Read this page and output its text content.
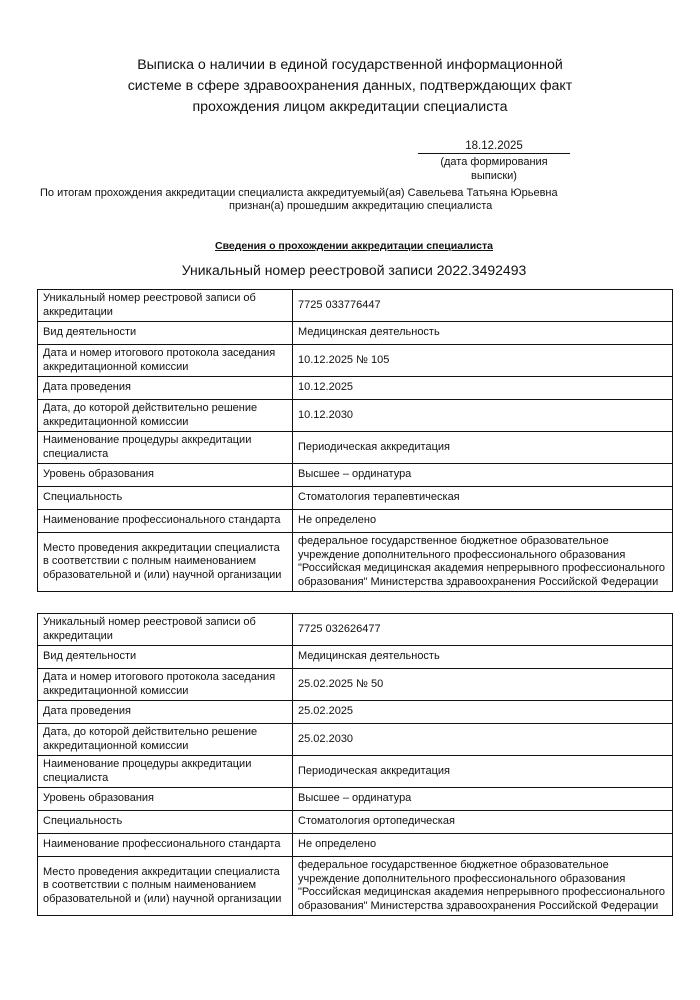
Выписка о наличии в единой государственной информационной
системе в сфере здравоохранения данных, подтверждающих факт
прохождения лицом аккредитации специалиста
18.12.2025
(дата формирования выписки)
По итогам прохождения аккредитации специалиста аккредитуемый(ая) Савельева Татьяна Юрьевна
признан(а) прошедшим аккредитацию специалиста
Сведения о прохождении аккредитации специалиста
Уникальный номер реестровой записи 2022.3492493
Уникальный номер реестровой записи об аккредитации	7725 033776447
Вид деятельности	Медицинская деятельность
Дата и номер итогового протокола заседания аккредитационной комиссии	10.12.2025 № 105
Дата проведения	10.12.2025
Дата, до которой действительно решение аккредитационной комиссии	10.12.2030
Наименование процедуры аккредитации специалиста	Периодическая аккредитация
Уровень образования	Высшее – ординатура
Специальность	Стоматология терапевтическая
Наименование профессионального стандарта	Не определено
Место проведения аккредитации специалиста в соответствии с полным наименованием образовательной и (или) научной организации	федеральное государственное бюджетное образовательное учреждение дополнительного профессионального образования "Российская медицинская академия непрерывного профессионального образования" Министерства здравоохранения Российской Федерации
Уникальный номер реестровой записи об аккредитации	7725 032626477
Вид деятельности	Медицинская деятельность
Дата и номер итогового протокола заседания аккредитационной комиссии	25.02.2025 № 50
Дата проведения	25.02.2025
Дата, до которой действительно решение аккредитационной комиссии	25.02.2030
Наименование процедуры аккредитации специалиста	Периодическая аккредитация
Уровень образования	Высшее – ординатура
Специальность	Стоматология ортопедическая
Наименование профессионального стандарта	Не определено
Место проведения аккредитации специалиста в соответствии с полным наименованием образовательной и (или) научной организации	федеральное государственное бюджетное образовательное учреждение дополнительного профессионального образования "Российская медицинская академия непрерывного профессионального образования" Министерства здравоохранения Российской Федерации
